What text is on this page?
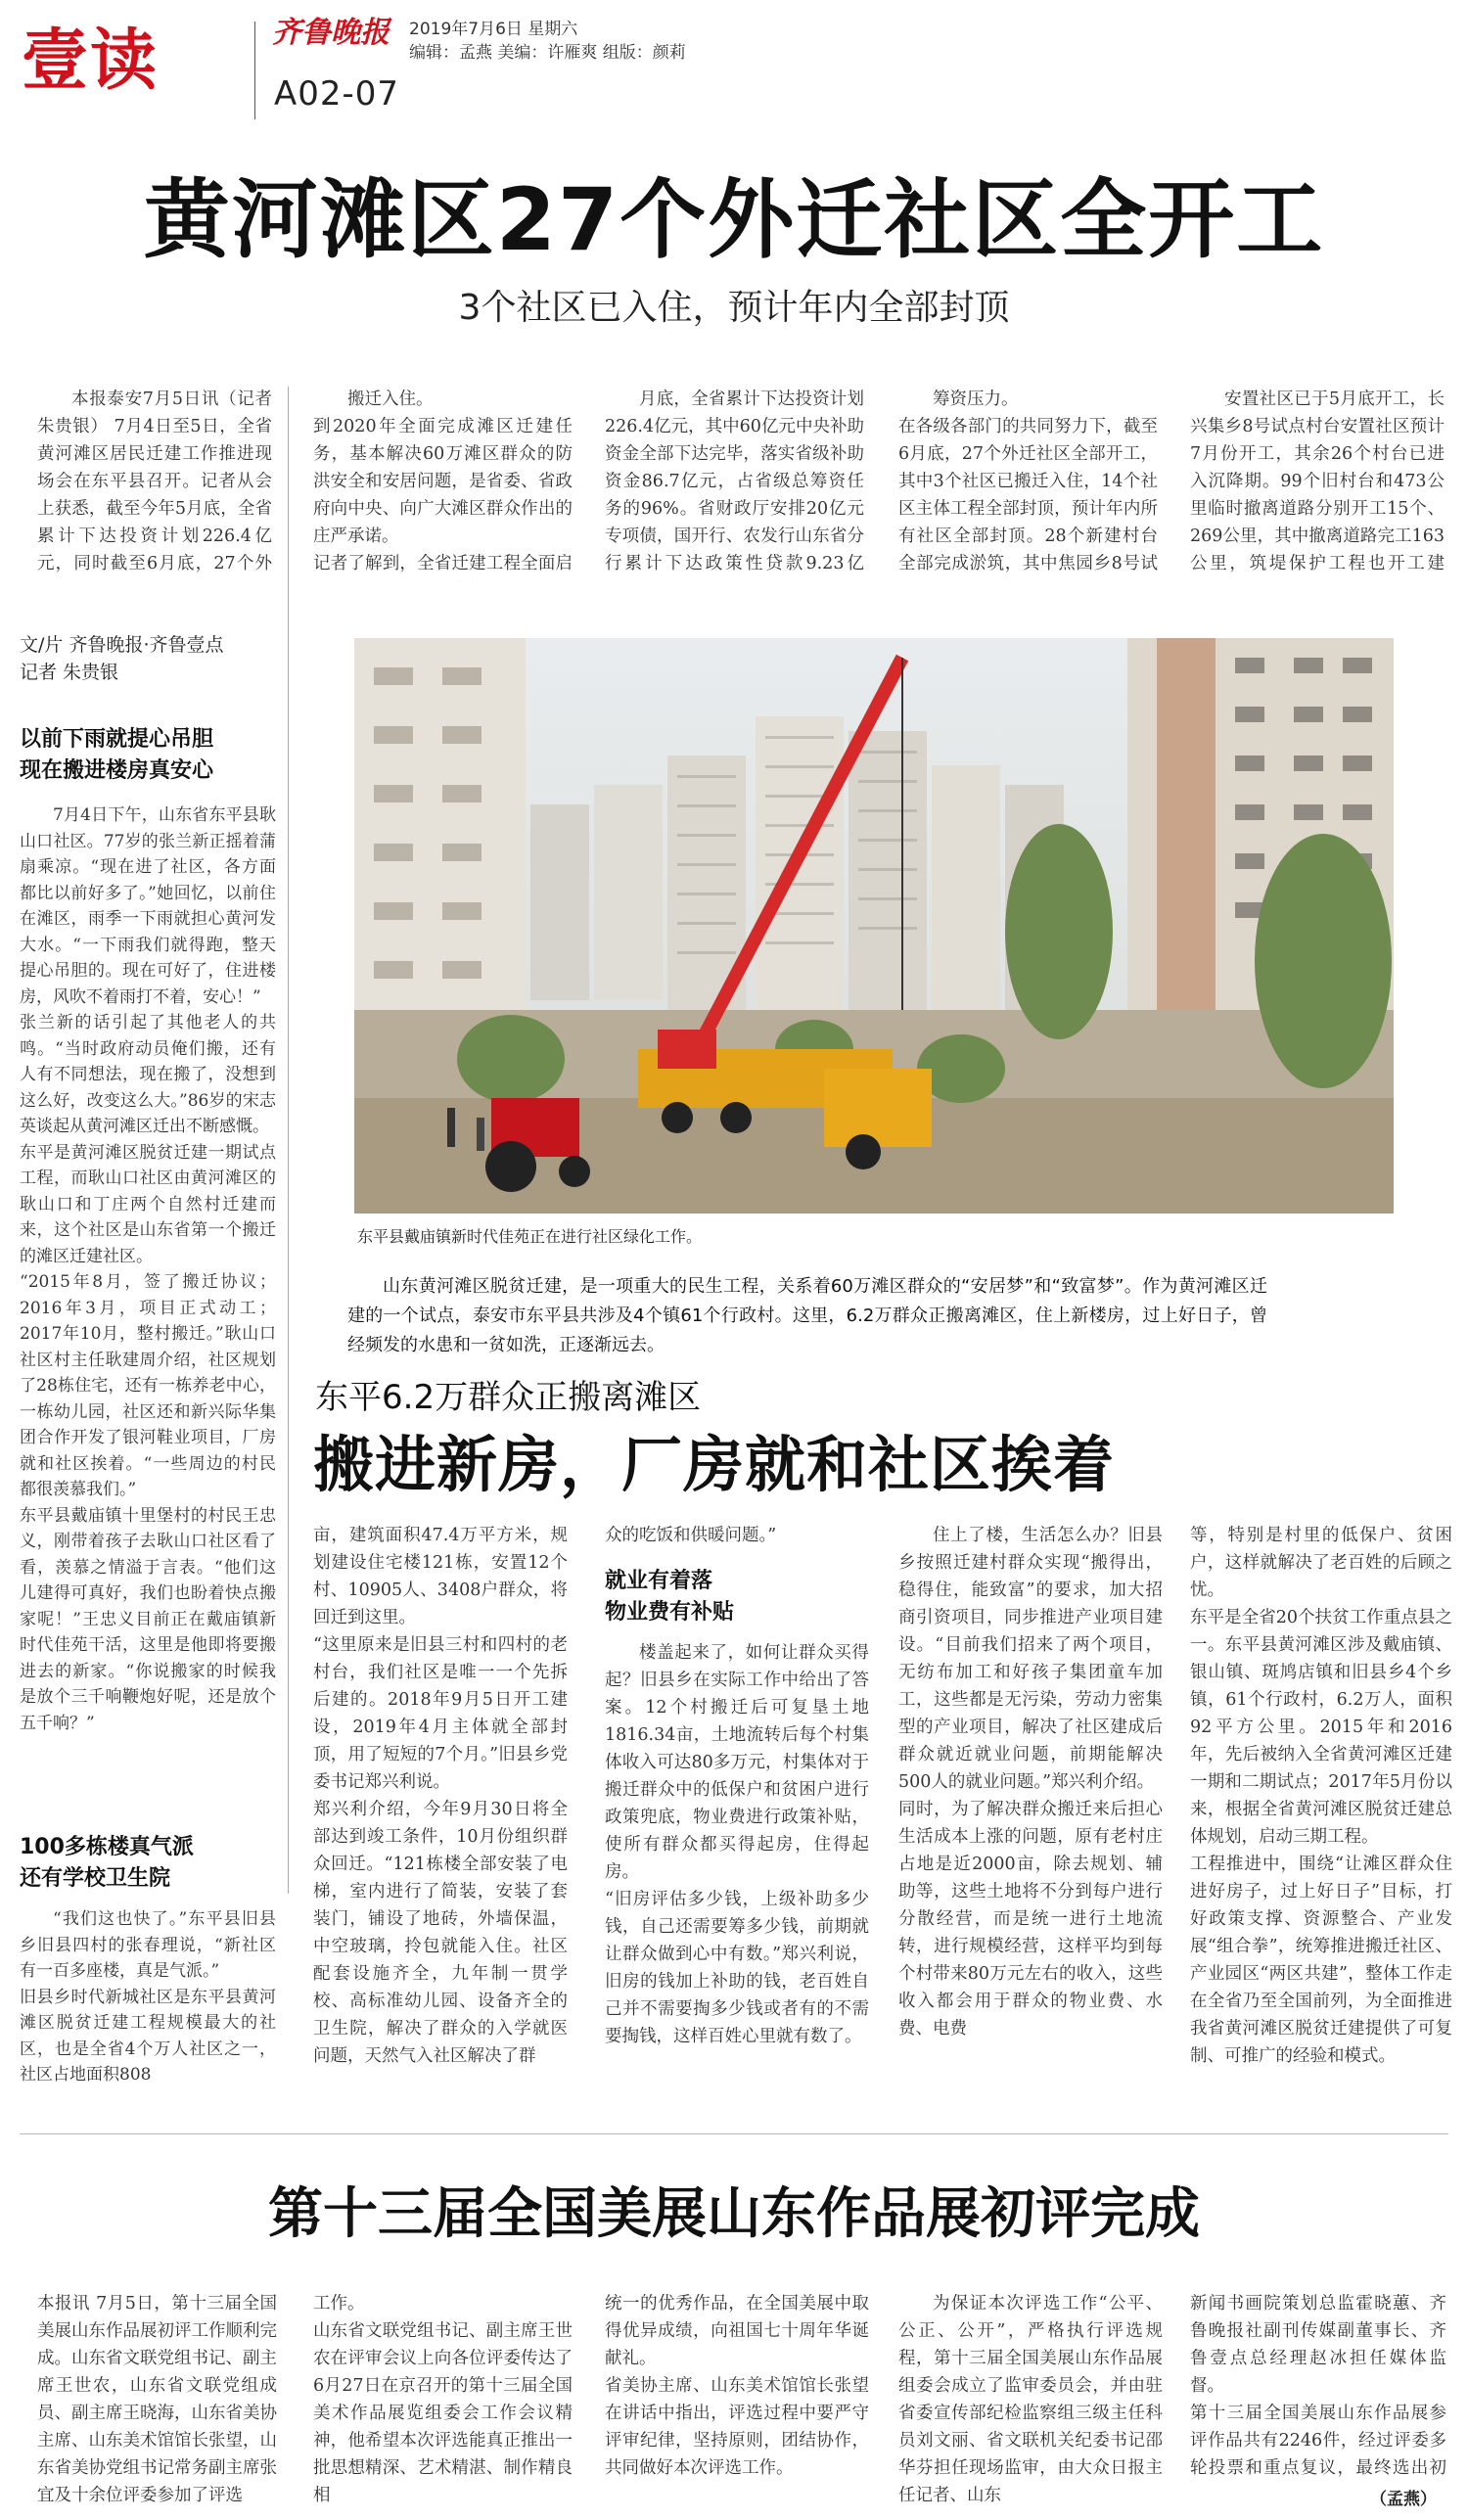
壹读	齐鲁晚报 2019年7月6日 星期六
编辑：孟燕 美编：许雁爽 组版：颜莉
A02-07
黄河滩区27个外迁社区全开工
3个社区已入住，预计年内全部封顶
本报泰安7月5日讯（记者 朱贵银） 7月4日至5日，全省黄河滩区居民迁建工作推进现场会在东平县召开。记者从会上获悉，截至今年5月底，全省累计下达投资计划226.4亿元，同时截至6月底，27个外
搬迁入住。
到2020年全面完成滩区迁建任务，基本解决60万滩区群众的防洪安全和安居问题，是省委、省政府向中央、向广大滩区群众作出的庄严承诺。
记者了解到，全省迁建工程全面启
月底，全省累计下达投资计划226.4亿元，其中60亿元中央补助资金全部下达完毕，落实省级补助资金86.7亿元，占省级总筹资任务的96%。省财政厅安排20亿元专项债，国开行、农发行山东省分行累计下达政策性贷款9.23亿
筹资压力。
在各级各部门的共同努力下，截至6月底，27个外迁社区全部开工，其中3个社区已搬迁入住，14个社区主体工程全部封顶，预计年内所有社区全部封顶。28个新建村台全部完成淤筑，其中焦园乡8号试
安置社区已于5月底开工，长兴集乡8号试点村台安置社区预计7月份开工，其余26个村台已进入沉降期。99个旧村台和473公里临时撤离道路分别开工15个、269公里，其中撤离道路完工163公里，筑堤保护工程也开工建
文/片 齐鲁晚报·齐鲁壹点
记者 朱贵银
以前下雨就提心吊胆
现在搬进楼房真安心
7月4日下午，山东省东平县耿山口社区。77岁的张兰新正摇着蒲扇乘凉。“现在进了社区，各方面都比以前好多了。”她回忆，以前住在滩区，雨季一下雨就担心黄河发大水。“一下雨我们就得跑，整天提心吊胆的。现在可好了，住进楼房，风吹不着雨打不着，安心！”
张兰新的话引起了其他老人的共鸣。“当时政府动员俺们搬，还有人有不同想法，现在搬了，没想到这么好，改变这么大。”86岁的宋志英谈起从黄河滩区迁出不断感慨。
东平是黄河滩区脱贫迁建一期试点工程，而耿山口社区由黄河滩区的耿山口和丁庄两个自然村迁建而来，这个社区是山东省第一个搬迁的滩区迁建社区。
“2015年8月，签了搬迁协议；2016年3月，项目正式动工；2017年10月，整村搬迁。”耿山口社区村主任耿建周介绍，社区规划了28栋住宅，还有一栋养老中心，一栋幼儿园，社区还和新兴际华集团合作开发了银河鞋业项目，厂房就和社区挨着。“一些周边的村民都很羡慕我们。”
东平县戴庙镇十里堡村的村民王忠义，刚带着孩子去耿山口社区看了看，羡慕之情溢于言表。“他们这儿建得可真好，我们也盼着快点搬家呢！”王忠义目前正在戴庙镇新时代佳苑干活，这里是他即将要搬进去的新家。“你说搬家的时候我是放个三千响鞭炮好呢，还是放个五千响？”
100多栋楼真气派
还有学校卫生院
“我们这也快了。”东平县旧县乡旧县四村的张春理说，“新社区有一百多座楼，真是气派。”
旧县乡时代新城社区是东平县黄河滩区脱贫迁建工程规模最大的社区，也是全省4个万人社区之一，社区占地面积808
东平县戴庙镇新时代佳苑正在进行社区绿化工作。
山东黄河滩区脱贫迁建，是一项重大的民生工程，关系着60万滩区群众的“安居梦”和“致富梦”。作为黄河滩区迁建的一个试点，泰安市东平县共涉及4个镇61个行政村。这里，6.2万群众正搬离滩区，住上新楼房，过上好日子，曾经频发的水患和一贫如洗，正逐渐远去。
东平6.2万群众正搬离滩区
搬进新房，厂房就和社区挨着
亩，建筑面积47.4万平方米，规划建设住宅楼121栋，安置12个村、10905人、3408户群众，将回迁到这里。
“这里原来是旧县三村和四村的老村台，我们社区是唯一一个先拆后建的。2018年9月5日开工建设，2019年4月主体就全部封顶，用了短短的7个月。”旧县乡党委书记郑兴利说。
郑兴利介绍，今年9月30日将全部达到竣工条件，10月份组织群众回迁。“121栋楼全部安装了电梯，室内进行了简装，安装了套装门，铺设了地砖，外墙保温，中空玻璃，拎包就能入住。社区配套设施齐全，九年制一贯学校、高标准幼儿园、设备齐全的卫生院，解决了群众的入学就医问题，天然气入社区解决了群
众的吃饭和供暖问题。”
就业有着落
物业费有补贴
楼盖起来了，如何让群众买得起？旧县乡在实际工作中给出了答案。12个村搬迁后可复垦土地1816.34亩，土地流转后每个村集体收入可达80多万元，村集体对于搬迁群众中的低保户和贫困户进行政策兜底，物业费进行政策补贴，使所有群众都买得起房，住得起房。
“旧房评估多少钱，上级补助多少钱，自己还需要筹多少钱，前期就让群众做到心中有数。”郑兴利说，旧房的钱加上补助的钱，老百姓自己并不需要掏多少钱或者有的不需要掏钱，这样百姓心里就有数了。
住上了楼，生活怎么办？旧县乡按照迁建村群众实现“搬得出，稳得住，能致富”的要求，加大招商引资项目，同步推进产业项目建设。“目前我们招来了两个项目，无纺布加工和好孩子集团童车加工，这些都是无污染，劳动力密集型的产业项目，解决了社区建成后群众就近就业问题，前期能解决500人的就业问题。”郑兴利介绍。
同时，为了解决群众搬迁来后担心生活成本上涨的问题，原有老村庄占地是近2000亩，除去规划、辅助等，这些土地将不分到每户进行分散经营，而是统一进行土地流转，进行规模经营，这样平均到每个村带来80万元左右的收入，这些收入都会用于群众的物业费、水费、电费
等，特别是村里的低保户、贫困户，这样就解决了老百姓的后顾之忧。
东平是全省20个扶贫工作重点县之一。东平县黄河滩区涉及戴庙镇、银山镇、斑鸠店镇和旧县乡4个乡镇，61个行政村，6.2万人，面积92平方公里。2015年和2016年，先后被纳入全省黄河滩区迁建一期和二期试点；2017年5月份以来，根据全省黄河滩区脱贫迁建总体规划，启动三期工程。
工程推进中，围绕“让滩区群众住进好房子，过上好日子”目标，打好政策支撑、资源整合、产业发展“组合拳”，统筹推进搬迁社区、产业园区“两区共建”，整体工作走在全省乃至全国前列，为全面推进我省黄河滩区脱贫迁建提供了可复制、可推广的经验和模式。
第十三届全国美展山东作品展初评完成
本报讯 7月5日，第十三届全国美展山东作品展初评工作顺利完成。山东省文联党组书记、副主席王世农，山东省文联党组成员、副主席王晓海，山东省美协主席、山东美术馆馆长张望，山东省美协党组书记常务副主席张宜及十余位评委参加了评选
工作。
山东省文联党组书记、副主席王世农在评审会议上向各位评委传达了6月27日在京召开的第十三届全国美术作品展览组委会工作会议精神，他希望本次评选能真正推出一批思想精深、艺术精湛、制作精良相
统一的优秀作品，在全国美展中取得优异成绩，向祖国七十周年华诞献礼。
省美协主席、山东美术馆馆长张望在讲话中指出，评选过程中要严守评审纪律，坚持原则，团结协作，共同做好本次评选工作。
为保证本次评选工作“公平、公正、公开”，严格执行评选规程，第十三届全国美展山东作品展组委会成立了监审委员会，并由驻省委宣传部纪检监察组三级主任科员刘文丽、省文联机关纪委书记邵华芬担任现场监审，由大众日报主任记者、山东
新闻书画院策划总监霍晓蕙、齐鲁晚报社副刊传媒副董事长、齐鲁壹点总经理赵冰担任媒体监督。
第十三届全国美展山东作品展参评作品共有2246件，经过评委多轮投票和重点复议，最终选出初
（孟燕）
